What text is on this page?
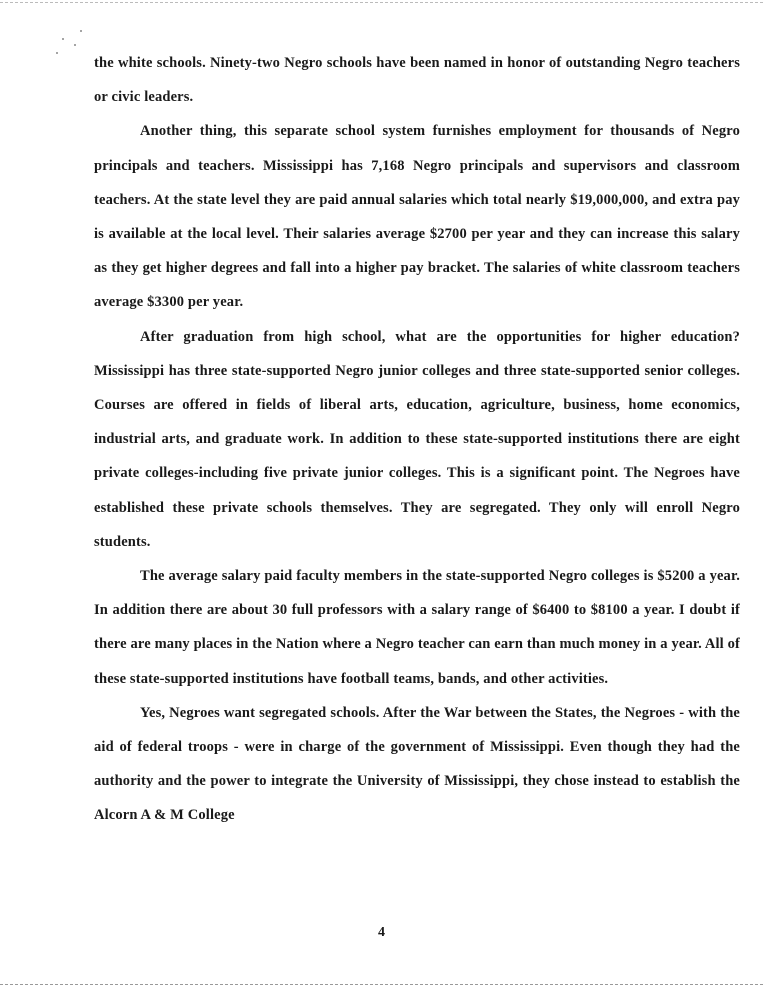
the white schools. Ninety-two Negro schools have been named in honor of outstanding Negro teachers or civic leaders.

Another thing, this separate school system furnishes employment for thousands of Negro principals and teachers. Mississippi has 7,168 Negro principals and supervisors and classroom teachers. At the state level they are paid annual salaries which total nearly $19,000,000, and extra pay is available at the local level. Their salaries average $2700 per year and they can increase this salary as they get higher degrees and fall into a higher pay bracket. The salaries of white classroom teachers average $3300 per year.

After graduation from high school, what are the opportunities for higher education? Mississippi has three state-supported Negro junior colleges and three state-supported senior colleges. Courses are offered in fields of liberal arts, education, agriculture, business, home economics, industrial arts, and graduate work. In addition to these state-supported institutions there are eight private colleges-including five private junior colleges. This is a significant point. The Negroes have established these private schools themselves. They are segregated. They only will enroll Negro students.

The average salary paid faculty members in the state-supported Negro colleges is $5200 a year. In addition there are about 30 full professors with a salary range of $6400 to $8100 a year. I doubt if there are many places in the Nation where a Negro teacher can earn than much money in a year. All of these state-supported institutions have football teams, bands, and other activities.

Yes, Negroes want segregated schools. After the War between the States, the Negroes - with the aid of federal troops - were in charge of the government of Mississippi. Even though they had the authority and the power to integrate the University of Mississippi, they chose instead to establish the Alcorn A & M College

4
